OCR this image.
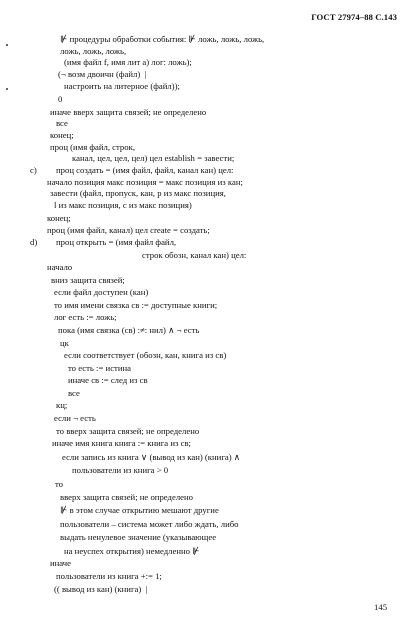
ГОСТ 27974–88 С.143
⊮ процедуры обработки события: ⊮ ложь, ложь, ложь,
ложь, ложь, ложь,
(имя файл f, имя лит а) лог: ложь);
(¬ возм двоичн (файл)  |
настроить на литерное (файл));
0
иначе вверх защита связей; не определено
все
конец;
проц (имя файл, строк,
канал, цел, цел, цел) цел establish = завести;
c) проц создать = (имя файл, файл, канал кан) цел:
начало позиция макс позиция = макс позиция из кан;
завести (файл, пропуск, кан, р из макс позиция,
l из макс позиция, с из макс позиция)
конец;
проц (имя файл, канал) цел create = создать;
d) проц открыть = (имя файл файл,
строк обозн, канал кан) цел:
начало
вниз защита связей;
если файл доступен (кан)
то имя имени связка св := доступные книги;
лог есть := ложь;
пока (имя связка (св) :≠: нил) ∧ ¬ есть
цк
если соответствует (обозн, кан, книга из св)
то есть := истина
иначе св := след из св
все
кц;
если ¬ есть
то вверх защита связей; не определено
иначе имя книга книга := книга из св;
если запись из книга ∨ (вывод из кан) (книга) ∧
пользователи из книга > 0
то
вверх защита связей; не определено
⊮ в этом случае открытию мешают другие
пользователи – система может либо ждать, либо
выдать ненулевое значение (указывающее
на неуспех открытия) немедленно ⊮
иначе
пользователи из книга +:= 1;
(( вывод из кан) (книга)  |
145
